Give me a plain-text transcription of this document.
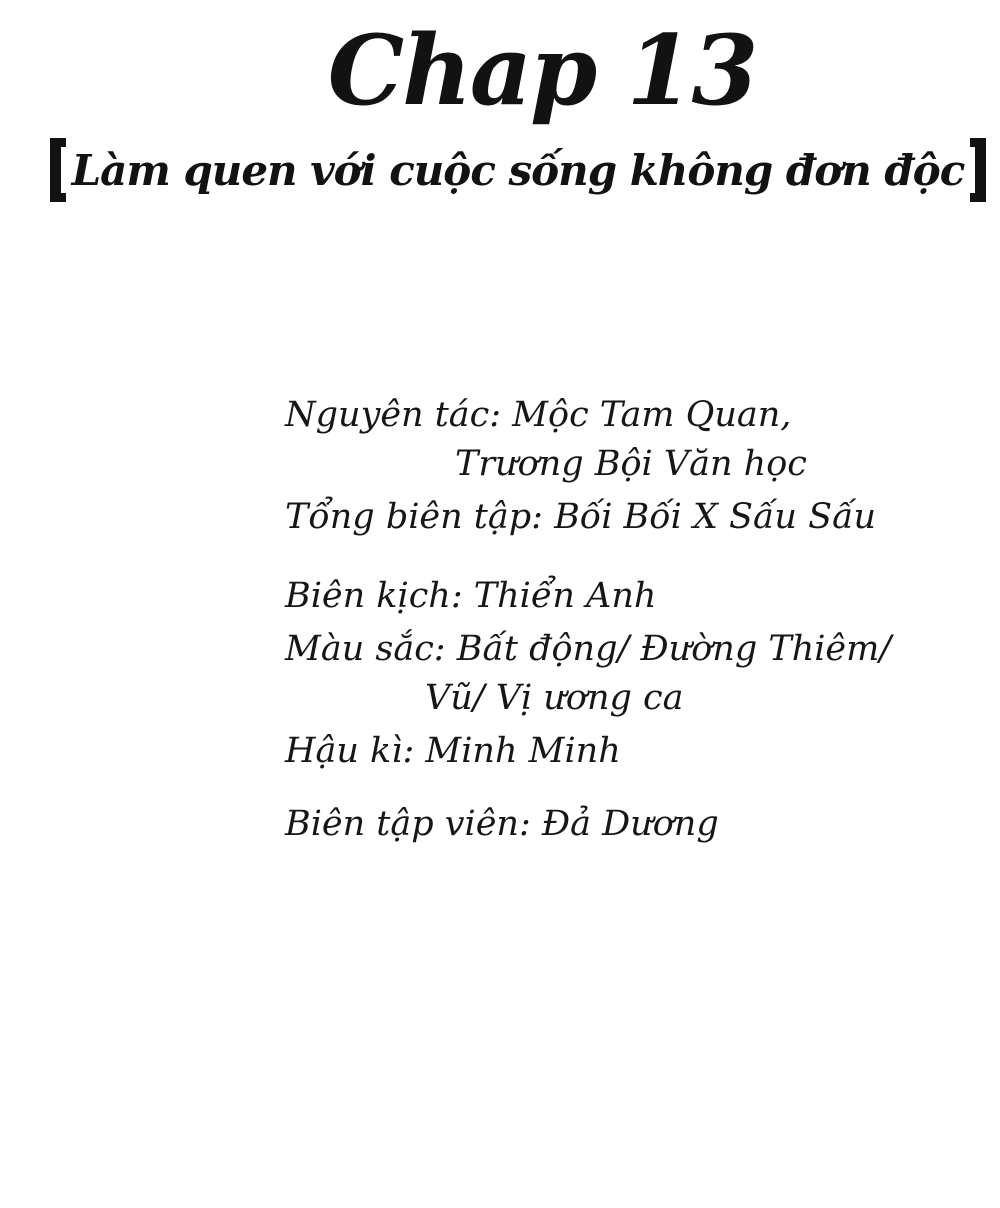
Chap 13
Làm quen với cuộc sống không đơn độc
Nguyên tác: Mộc Tam Quan,
Trương Bội Văn học
Tổng biên tập: Bối Bối X Sấu Sấu
Biên kịch: Thiển Anh
Màu sắc: Bất động/ Đường Thiêm/
Vũ/ Vị ương ca
Hậu kì: Minh Minh
Biên tập viên: Đả Dương
